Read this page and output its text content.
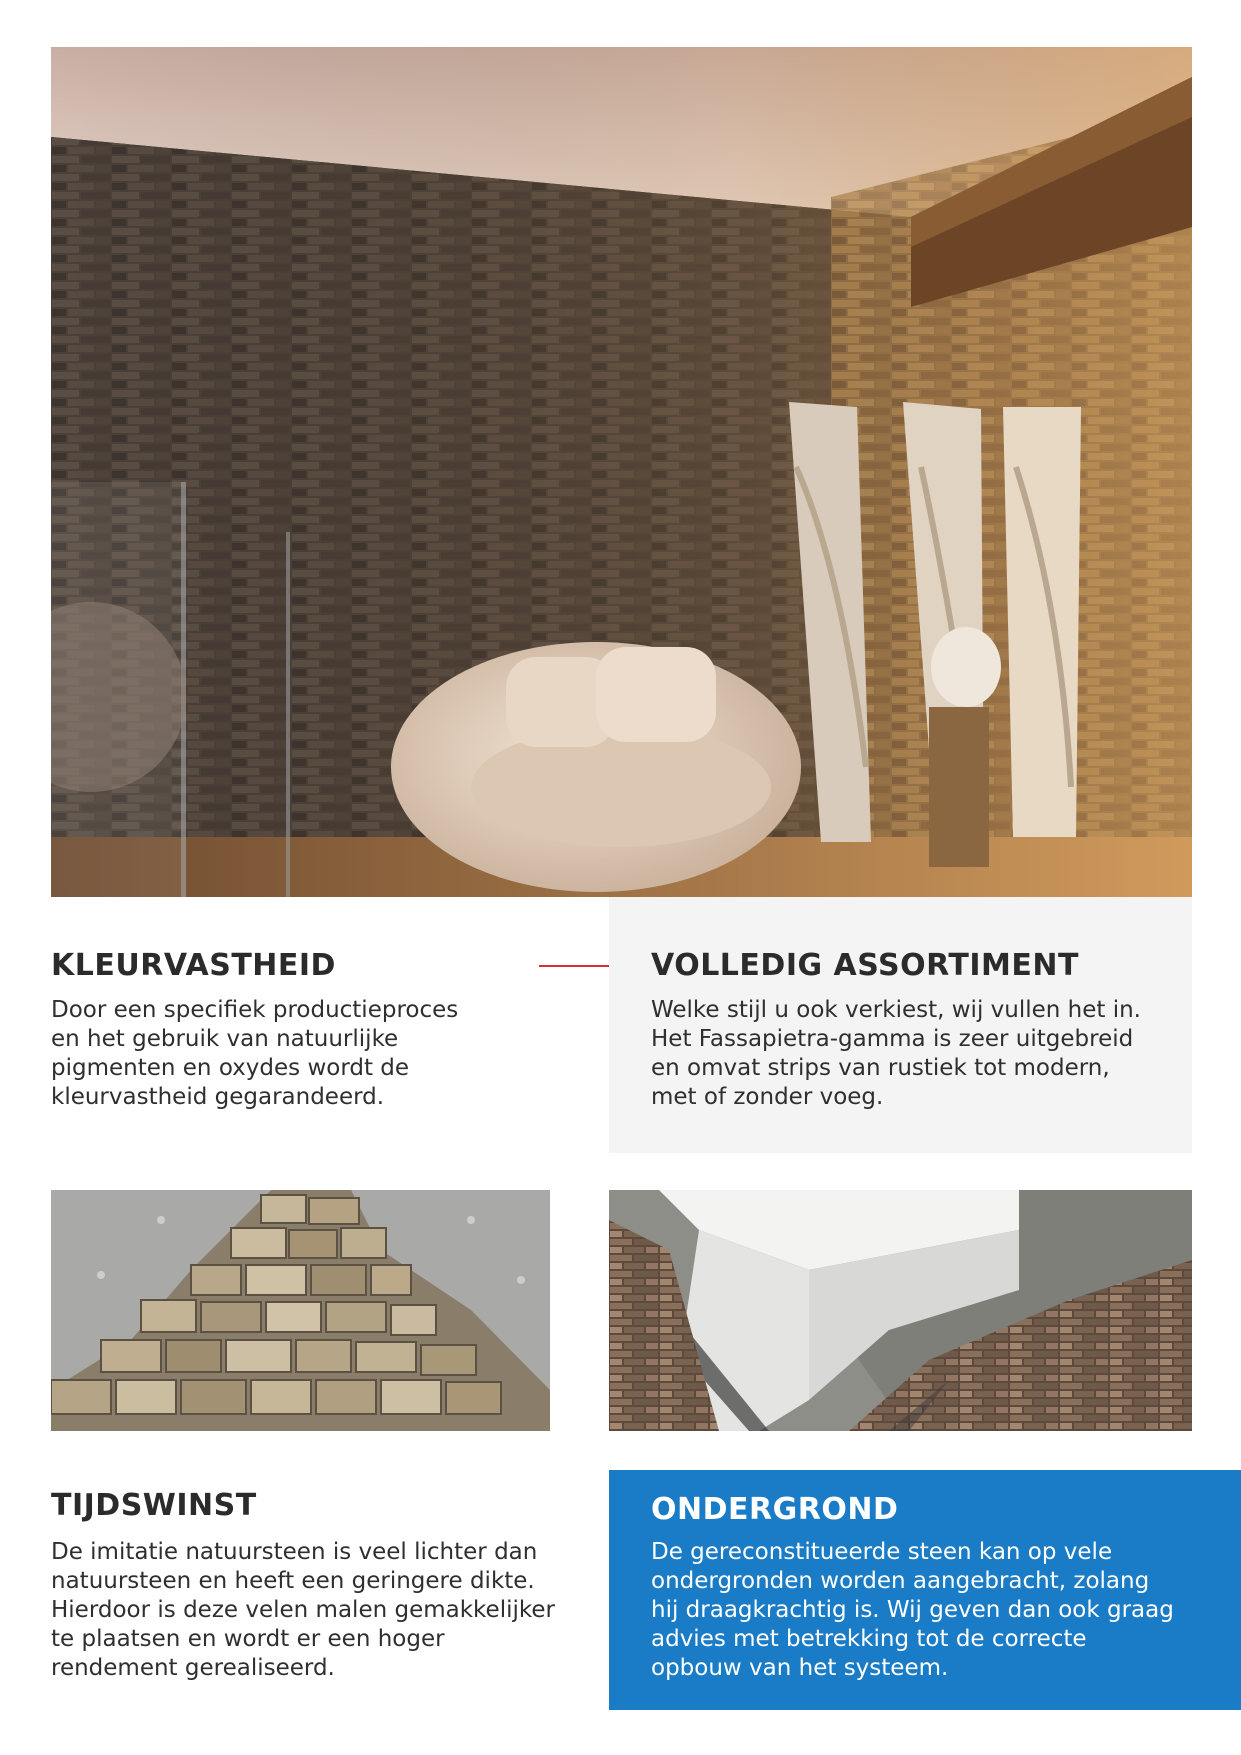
KLEURVASTHEID

Door een specifiek productieproces

en het gebruik van natuurlijke

pigmenten en oxydes wordt de

kleurvastheid gegarandeerd.

VOLLEDIG ASSORTIMENT

Welke stijl u ook verkiest, wij vullen het in.

Het Fassapietra-gamma is zeer uitgebreid

en omvat strips van rustiek tot modern,

met of zonder voeg.

TIJDSWINST

De imitatie natuursteen is veel lichter dan

natuursteen en heeft een geringere dikte.

Hierdoor is deze velen malen gemakkelijker

te plaatsen en wordt er een hoger

rendement gerealiseerd.

ONDERGROND

De gereconstitueerde steen kan op vele

ondergronden worden aangebracht, zolang

hij draagkrachtig is. Wij geven dan ook graag

advies met betrekking tot de correcte

opbouw van het systeem.
